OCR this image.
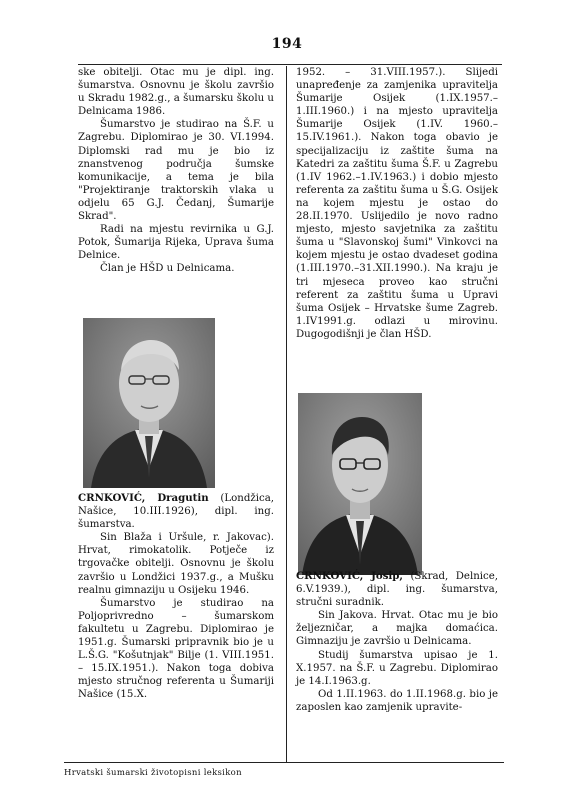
194

ske obitelji. Otac mu je dipl. ing. šumarstva. Osnovnu je školu završio u Skradu 1982.g., a šumarsku školu u Delnicama 1986.

Šumarstvo je studirao na Š.F. u Zagrebu. Diplomirao je 30. VI.1994. Diplomski rad mu je bio iz znanstvenog područja šumske komunikacije, a tema je bila "Projektiranje traktorskih vlaka u odjelu 65 G.J. Čedanj, Šumarije Skrad".

Radi na mjestu revirnika u G.J. Potok, Šumarija Rijeka, Uprava šuma Delnice.

Član je HŠD u Delnicama.

CRNKOVIĆ, Dragutin (Londžica, Našice, 10.III.1926), dipl. ing. šumarstva.

Sin Blaža i Uršule, r. Jakovac). Hrvat, rimokatolik. Potječe iz trgovačke obitelji. Osnovnu je školu završio u Londžici 1937.g., a Mušku realnu gimnaziju u Osijeku 1946.

Šumarstvo je studirao na Poljoprivredno – šumarskom fakultetu u Zagrebu. Diplomirao je 1951.g. Šumarski pripravnik bio je u L.Š.G. "Košutnjak" Bilje (1. VIII.1951. – 15.IX.1951.). Nakon toga dobiva mjesto stručnog referenta u Šumariji Našice (15.X.

1952. – 31.VIII.1957.). Slijedi unapređenje za zamjenika upravitelja Šumarije Osijek (1.IX.1957.– 1.III.1960.) i na mjesto upravitelja Šumarije Osijek (1.IV. 1960.– 15.IV.1961.). Nakon toga obavio je specijalizaciju iz zaštite šuma na Katedri za zaštitu šuma Š.F. u Zagrebu (1.IV 1962.–1.IV.1963.) i dobio mjesto referenta za zaštitu šuma u Š.G. Osijek na kojem mjestu je ostao do 28.II.1970. Uslijedilo je novo radno mjesto, mjesto savjetnika za zaštitu šuma u "Slavonskoj šumi" Vinkovci na kojem mjestu je ostao dvadeset godina (1.III.1970.–31.XII.1990.). Na kraju je tri mjeseca proveo kao stručni referent za zaštitu šuma u Upravi šuma Osijek – Hrvatske šume Zagreb. 1.IV1991.g. odlazi u mirovinu. Dugogodišnji je član HŠD.

CRNKOVIĆ, Josip, (Skrad, Delnice, 6.V.1939.), dipl. ing. šumarstva, stručni suradnik.

Sin Jakova. Hrvat. Otac mu je bio željezničar, a majka domaćica. Gimnaziju je završio u Delnicama.

Studij šumarstva upisao je 1. X.1957. na Š.F. u Zagrebu. Diplomirao je 14.I.1963.g.

Od 1.II.1963. do 1.II.1968.g. bio je zaposlen kao zamjenik upravite-

Hrvatski šumarski životopisni leksikon
